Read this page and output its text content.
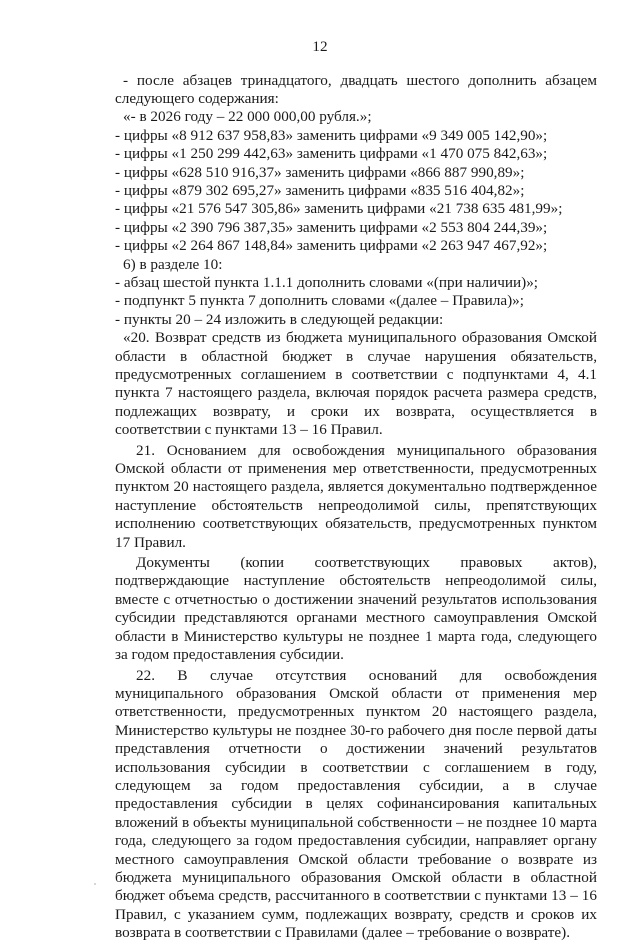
12

- после абзацев тринадцатого, двадцать шестого дополнить абзацем следующего содержания:

«- в 2026 году – 22 000 000,00 рубля.»;

- цифры «8 912 637 958,83» заменить цифрами «9 349 005 142,90»;

- цифры «1 250 299 442,63» заменить цифрами «1 470 075 842,63»;

- цифры «628 510 916,37» заменить цифрами «866 887 990,89»;

- цифры «879 302 695,27» заменить цифрами «835 516 404,82»;

- цифры «21 576 547 305,86» заменить цифрами «21 738 635 481,99»;

- цифры «2 390 796 387,35» заменить цифрами «2 553 804 244,39»;

- цифры «2 264 867 148,84» заменить цифрами «2 263 947 467,92»;

6) в разделе 10:

- абзац шестой пункта 1.1.1 дополнить словами «(при наличии)»;

- подпункт 5 пункта 7 дополнить словами «(далее – Правила)»;

- пункты 20 – 24 изложить в следующей редакции:

«20. Возврат средств из бюджета муниципального образования Омской области в областной бюджет в случае нарушения обязательств, предусмотренных соглашением в соответствии с подпунктами 4, 4.1 пункта 7 настоящего раздела, включая порядок расчета размера средств, подлежащих возврату, и сроки их возврата, осуществляется в соответствии с пунктами 13 – 16 Правил.

21. Основанием для освобождения муниципального образования Омской области от применения мер ответственности, предусмотренных пунктом 20 настоящего раздела, является документально подтвержденное наступление обстоятельств непреодолимой силы, препятствующих исполнению соответствующих обязательств, предусмотренных пунктом 17 Правил.

Документы (копии соответствующих правовых актов), подтверждающие наступление обстоятельств непреодолимой силы, вместе с отчетностью о достижении значений результатов использования субсидии представляются органами местного самоуправления Омской области в Министерство культуры не позднее 1 марта года, следующего за годом предоставления субсидии.

22. В случае отсутствия оснований для освобождения муниципального образования Омской области от применения мер ответственности, предусмотренных пунктом 20 настоящего раздела, Министерство культуры не позднее 30-го рабочего дня после первой даты представления отчетности о достижении значений результатов использования субсидии в соответствии с соглашением в году, следующем за годом предоставления субсидии, а в случае предоставления субсидии в целях софинансирования капитальных вложений в объекты муниципальной собственности – не позднее 10 марта года, следующего за годом предоставления субсидии, направляет органу местного самоуправления Омской области требование о возврате из бюджета муниципального образования Омской области в областной бюджет объема средств, рассчитанного в соответствии с пунктами 13 – 16 Правил, с указанием сумм, подлежащих возврату, средств и сроков их возврата в соответствии с Правилами (далее – требование о возврате).
